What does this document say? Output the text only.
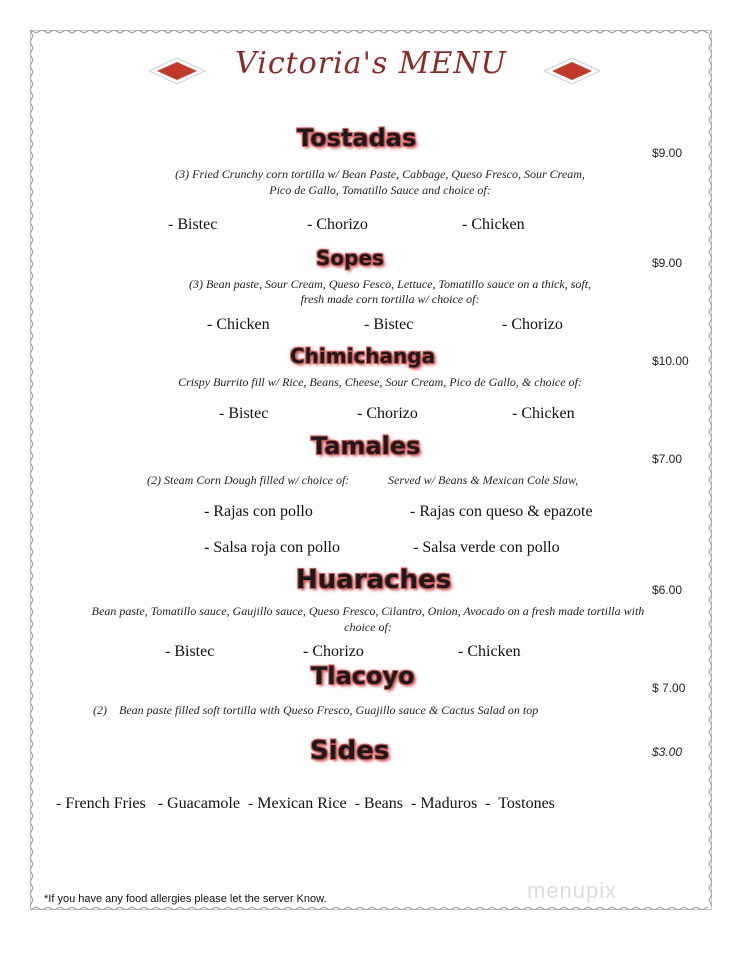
Victoria's MENU
Tostadas
$9.00
(3) Fried Crunchy corn tortilla w/ Bean Paste, Cabbage, Queso Fresco, Sour Cream,
Pico de Gallo, Tomatillo Sauce and choice of:
- Bistec	- Chorizo	- Chicken
Sopes	$9.00
(3) Bean paste, Sour Cream, Queso Fesco, Lettuce, Tomatillo sauce on a thick, soft,
fresh made corn tortilla w/ choice of:
- Chicken	- Bistec	- Chorizo
Chimichanga	$10.00
Crispy Burrito fill w/ Rice, Beans, Cheese, Sour Cream, Pico de Gallo, & choice of:
- Bistec	- Chorizo	- Chicken
Tamales	$7.00
(2) Steam Corn Dough filled w/ choice of:	Served w/ Beans & Mexican Cole Slaw,
- Rajas con pollo	- Rajas con queso & epazote
- Salsa roja con pollo	- Salsa verde con pollo
Huaraches	$6.00
Bean paste, Tomatillo sauce, Gaujillo sauce, Queso Fresco, Cilantro, Onion, Avocado on a fresh made tortilla with
choice of:
- Bistec	- Chorizo	- Chicken
Tlacoyo	$ 7.00
(2)    Bean paste filled soft tortilla with Queso Fresco, Guajillo sauce & Cactus Salad on top
Sides	$3.00
- French Fries   - Guacamole  - Mexican Rice  - Beans  - Maduros  -  Tostones
*If you have any food allergies please let the server Know.	menupix
